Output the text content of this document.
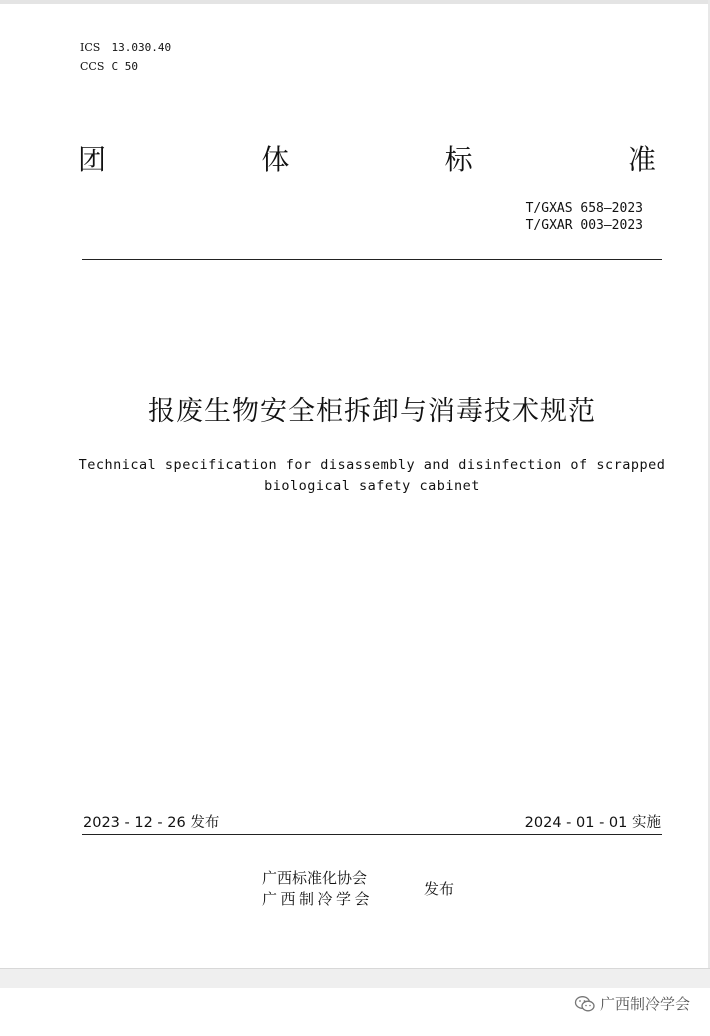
ICS 13.030.40
CCS C 50
团	体	标	准
T/GXAS 658—2023
T/GXAR 003—2023
报废生物安全柜拆卸与消毒技术规范
Technical specification for disassembly and disinfection of scrapped biological safety cabinet
2023 - 12 - 26 发布	2024 - 01 - 01 实施
广西标准化协会
广西制冷学会
发布
广西制冷学会
